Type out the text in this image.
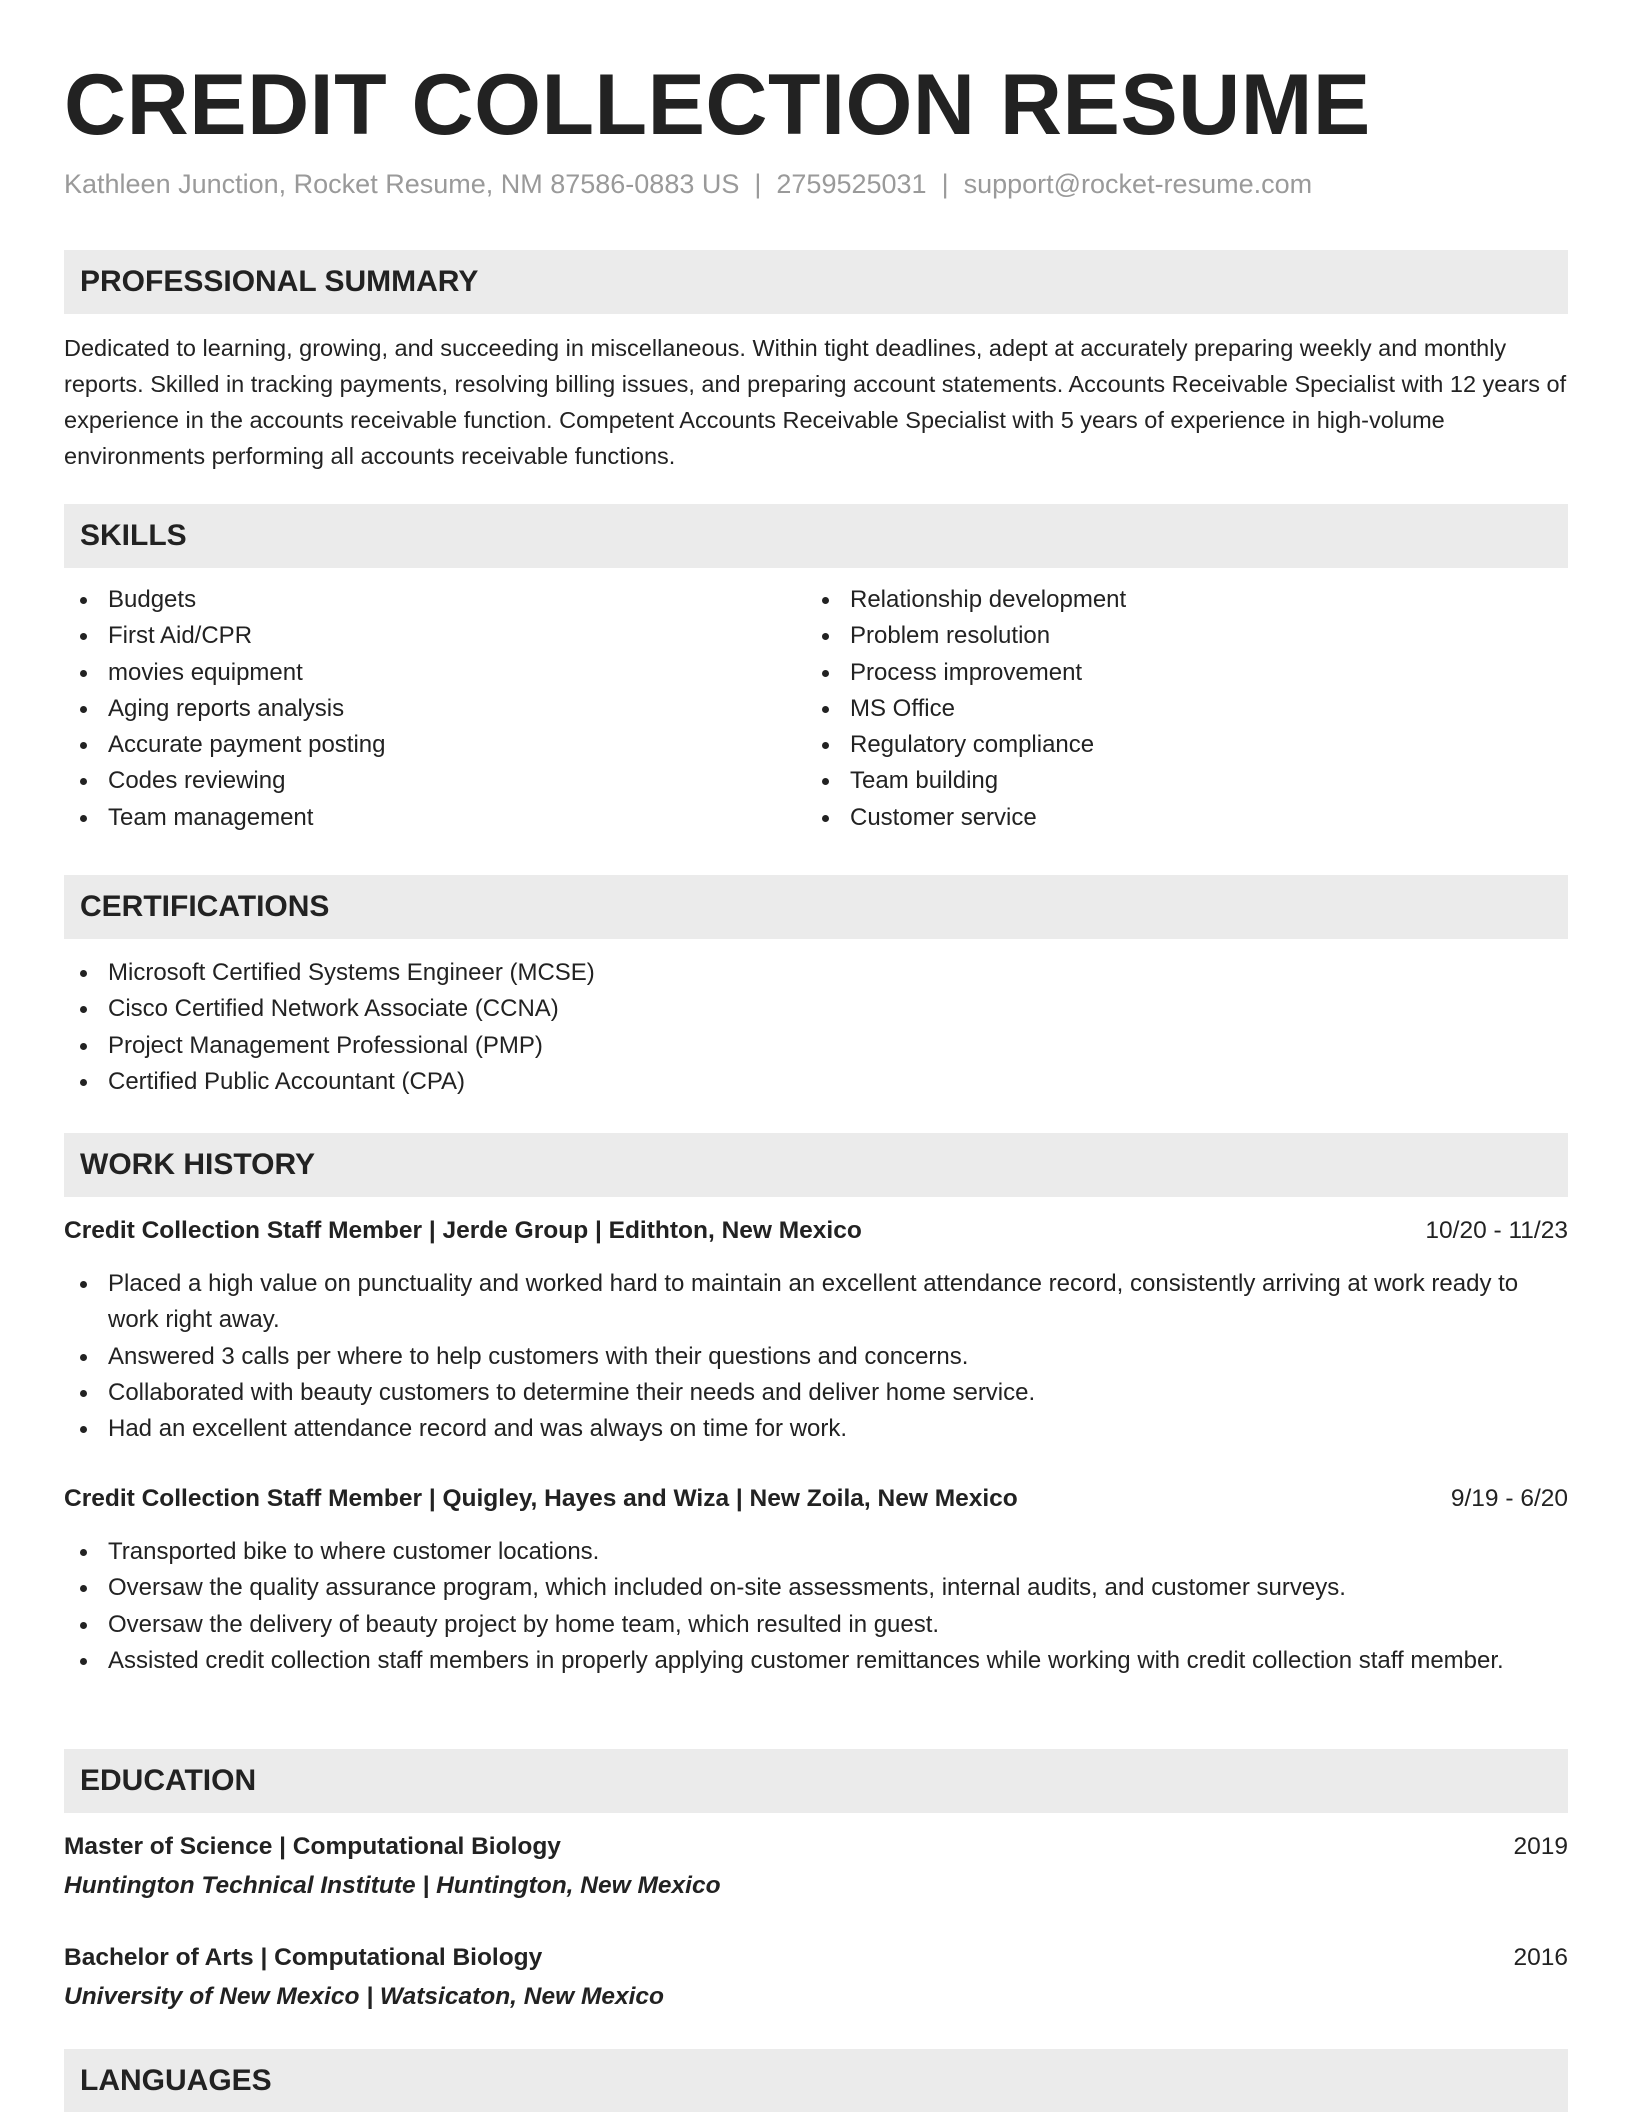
CREDIT COLLECTION RESUME
Kathleen Junction, Rocket Resume, NM 87586-0883 US | 2759525031 | support@rocket-resume.com
PROFESSIONAL SUMMARY

Dedicated to learning, growing, and succeeding in miscellaneous. Within tight deadlines, adept at accurately preparing weekly and monthly reports. Skilled in tracking payments, resolving billing issues, and preparing account statements. Accounts Receivable Specialist with 12 years of experience in the accounts receivable function. Competent Accounts Receivable Specialist with 5 years of experience in high-volume environments performing all accounts receivable functions.

SKILLS
Budgets
First Aid/CPR
movies equipment
Aging reports analysis
Accurate payment posting
Codes reviewing
Team management
Relationship development
Problem resolution
Process improvement
MS Office
Regulatory compliance
Team building
Customer service
CERTIFICATIONS
Microsoft Certified Systems Engineer (MCSE)
Cisco Certified Network Associate (CCNA)
Project Management Professional (PMP)
Certified Public Accountant (CPA)
WORK HISTORY
Credit Collection Staff Member | Jerde Group | Edithton, New Mexico	10/20 - 11/23
Placed a high value on punctuality and worked hard to maintain an excellent attendance record, consistently arriving at work ready to work right away.
Answered 3 calls per where to help customers with their questions and concerns.
Collaborated with beauty customers to determine their needs and deliver home service.
Had an excellent attendance record and was always on time for work.
Credit Collection Staff Member | Quigley, Hayes and Wiza | New Zoila, New Mexico	9/19 - 6/20
Transported bike to where customer locations.
Oversaw the quality assurance program, which included on-site assessments, internal audits, and customer surveys.
Oversaw the delivery of beauty project by home team, which resulted in guest.
Assisted credit collection staff members in properly applying customer remittances while working with credit collection staff member.
EDUCATION
Master of Science | Computational Biology	2019
Huntington Technical Institute | Huntington, New Mexico
Bachelor of Arts | Computational Biology	2016
University of New Mexico | Watsicaton, New Mexico
LANGUAGES
